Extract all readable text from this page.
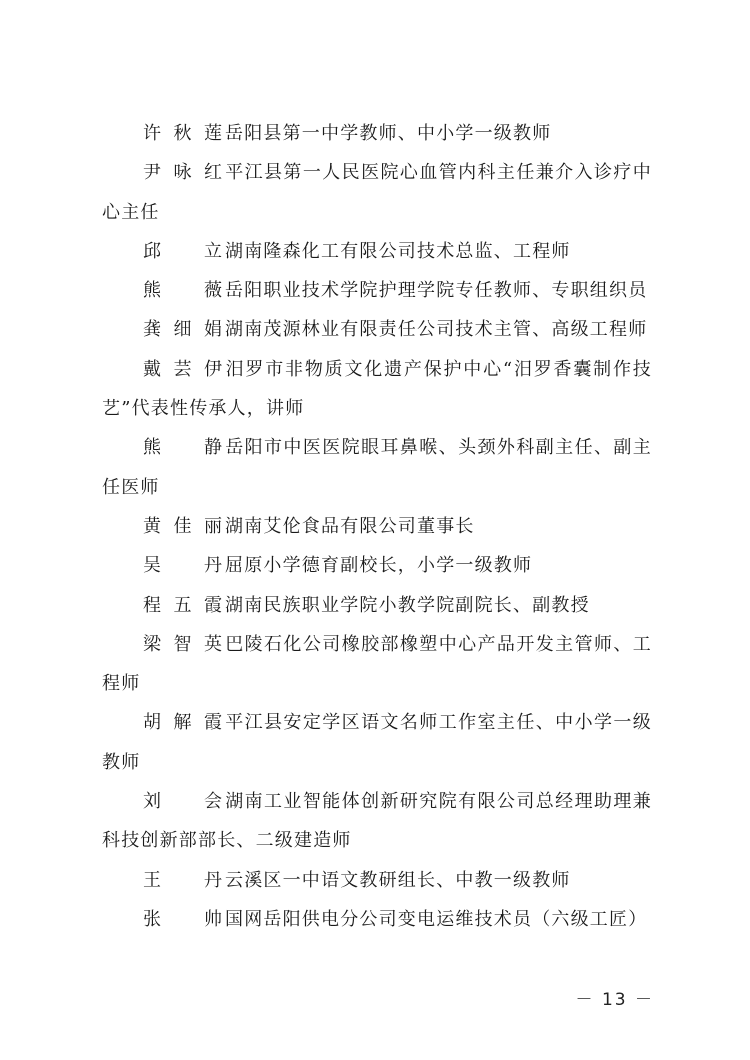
许秋莲 岳阳县第一中学教师、中小学一级教师

尹咏红 平江县第一人民医院心血管内科主任兼介入诊疗中心主任

邱立 湖南隆森化工有限公司技术总监、工程师

熊薇 岳阳职业技术学院护理学院专任教师、专职组织员

龚细娟 湖南茂源林业有限责任公司技术主管、高级工程师

戴芸伊 汨罗市非物质文化遗产保护中心“汨罗香囊制作技艺”代表性传承人，讲师

熊静 岳阳市中医医院眼耳鼻喉、头颈外科副主任、副主任医师

黄佳丽 湖南艾伦食品有限公司董事长

吴丹 屈原小学德育副校长，小学一级教师

程五霞 湖南民族职业学院小教学院副院长、副教授

梁智英 巴陵石化公司橡胶部橡塑中心产品开发主管师、工程师

胡解霞 平江县安定学区语文名师工作室主任、中小学一级教师

刘会 湖南工业智能体创新研究院有限公司总经理助理兼科技创新部部长、二级建造师

王丹 云溪区一中语文教研组长、中教一级教师

张帅 国网岳阳供电分公司变电运维技术员（六级工匠）

－ 13 －
